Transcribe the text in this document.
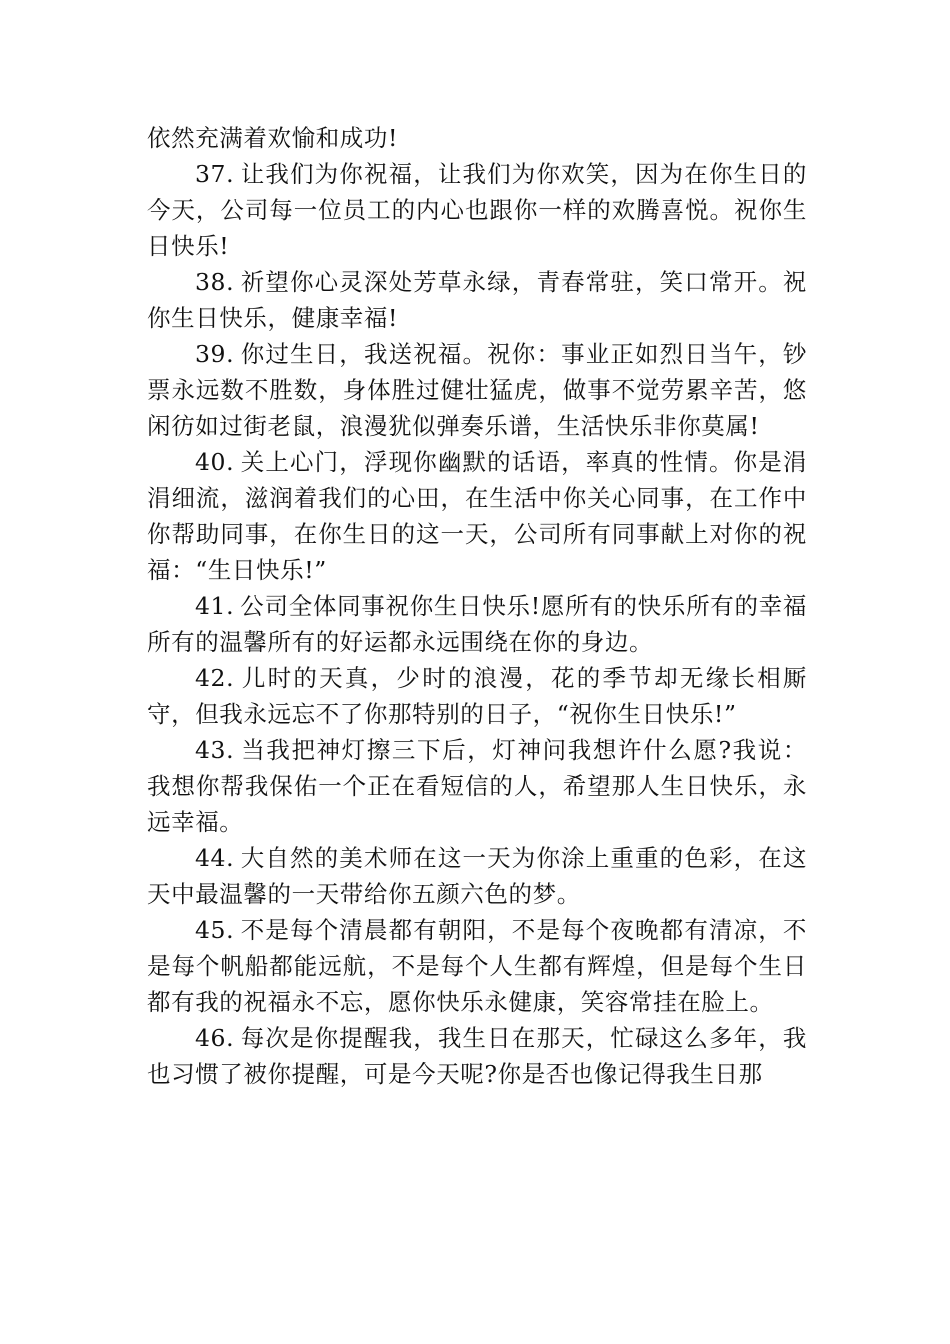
依然充满着欢愉和成功!

37. 让我们为你祝福，让我们为你欢笑，因为在你生日的今天，公司每一位员工的内心也跟你一样的欢腾喜悦。祝你生日快乐!

38. 祈望你心灵深处芳草永绿，青春常驻，笑口常开。祝你生日快乐，健康幸福!

39. 你过生日，我送祝福。祝你：事业正如烈日当午，钞票永远数不胜数，身体胜过健壮猛虎，做事不觉劳累辛苦，悠闲彷如过街老鼠，浪漫犹似弹奏乐谱，生活快乐非你莫属!

40. 关上心门，浮现你幽默的话语，率真的性情。你是涓涓细流，滋润着我们的心田，在生活中你关心同事，在工作中你帮助同事，在你生日的这一天，公司所有同事献上对你的祝福：“生日快乐!”

41. 公司全体同事祝你生日快乐!愿所有的快乐所有的幸福所有的温馨所有的好运都永远围绕在你的身边。

42. 儿时的天真，少时的浪漫，花的季节却无缘长相厮守，但我永远忘不了你那特别的日子，“祝你生日快乐!”

43. 当我把神灯擦三下后，灯神问我想许什么愿?我说：我想你帮我保佑一个正在看短信的人，希望那人生日快乐，永远幸福。

44. 大自然的美术师在这一天为你涂上重重的色彩，在这天中最温馨的一天带给你五颜六色的梦。

45. 不是每个清晨都有朝阳，不是每个夜晚都有清凉，不是每个帆船都能远航，不是每个人生都有辉煌，但是每个生日都有我的祝福永不忘，愿你快乐永健康，笑容常挂在脸上。

46. 每次是你提醒我，我生日在那天，忙碌这么多年，我也习惯了被你提醒，可是今天呢?你是否也像记得我生日那
